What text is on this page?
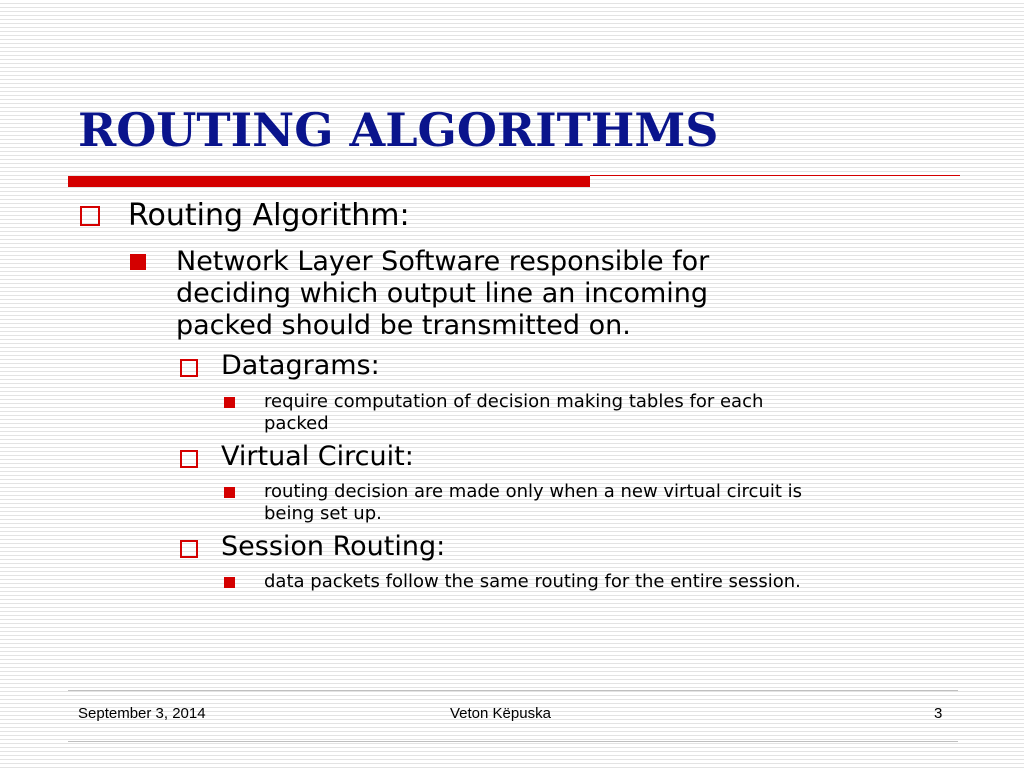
ROUTING ALGORITHMS
Routing Algorithm:
Network Layer Software responsible for
deciding which output line an incoming
packed should be transmitted on.
Datagrams:
require computation of decision making tables for each
packed
Virtual Circuit:
routing decision are made only when a new virtual circuit is
being set up.
Session Routing:
data packets follow the same routing for the entire session.
September 3, 2014	Veton Këpuska	3
